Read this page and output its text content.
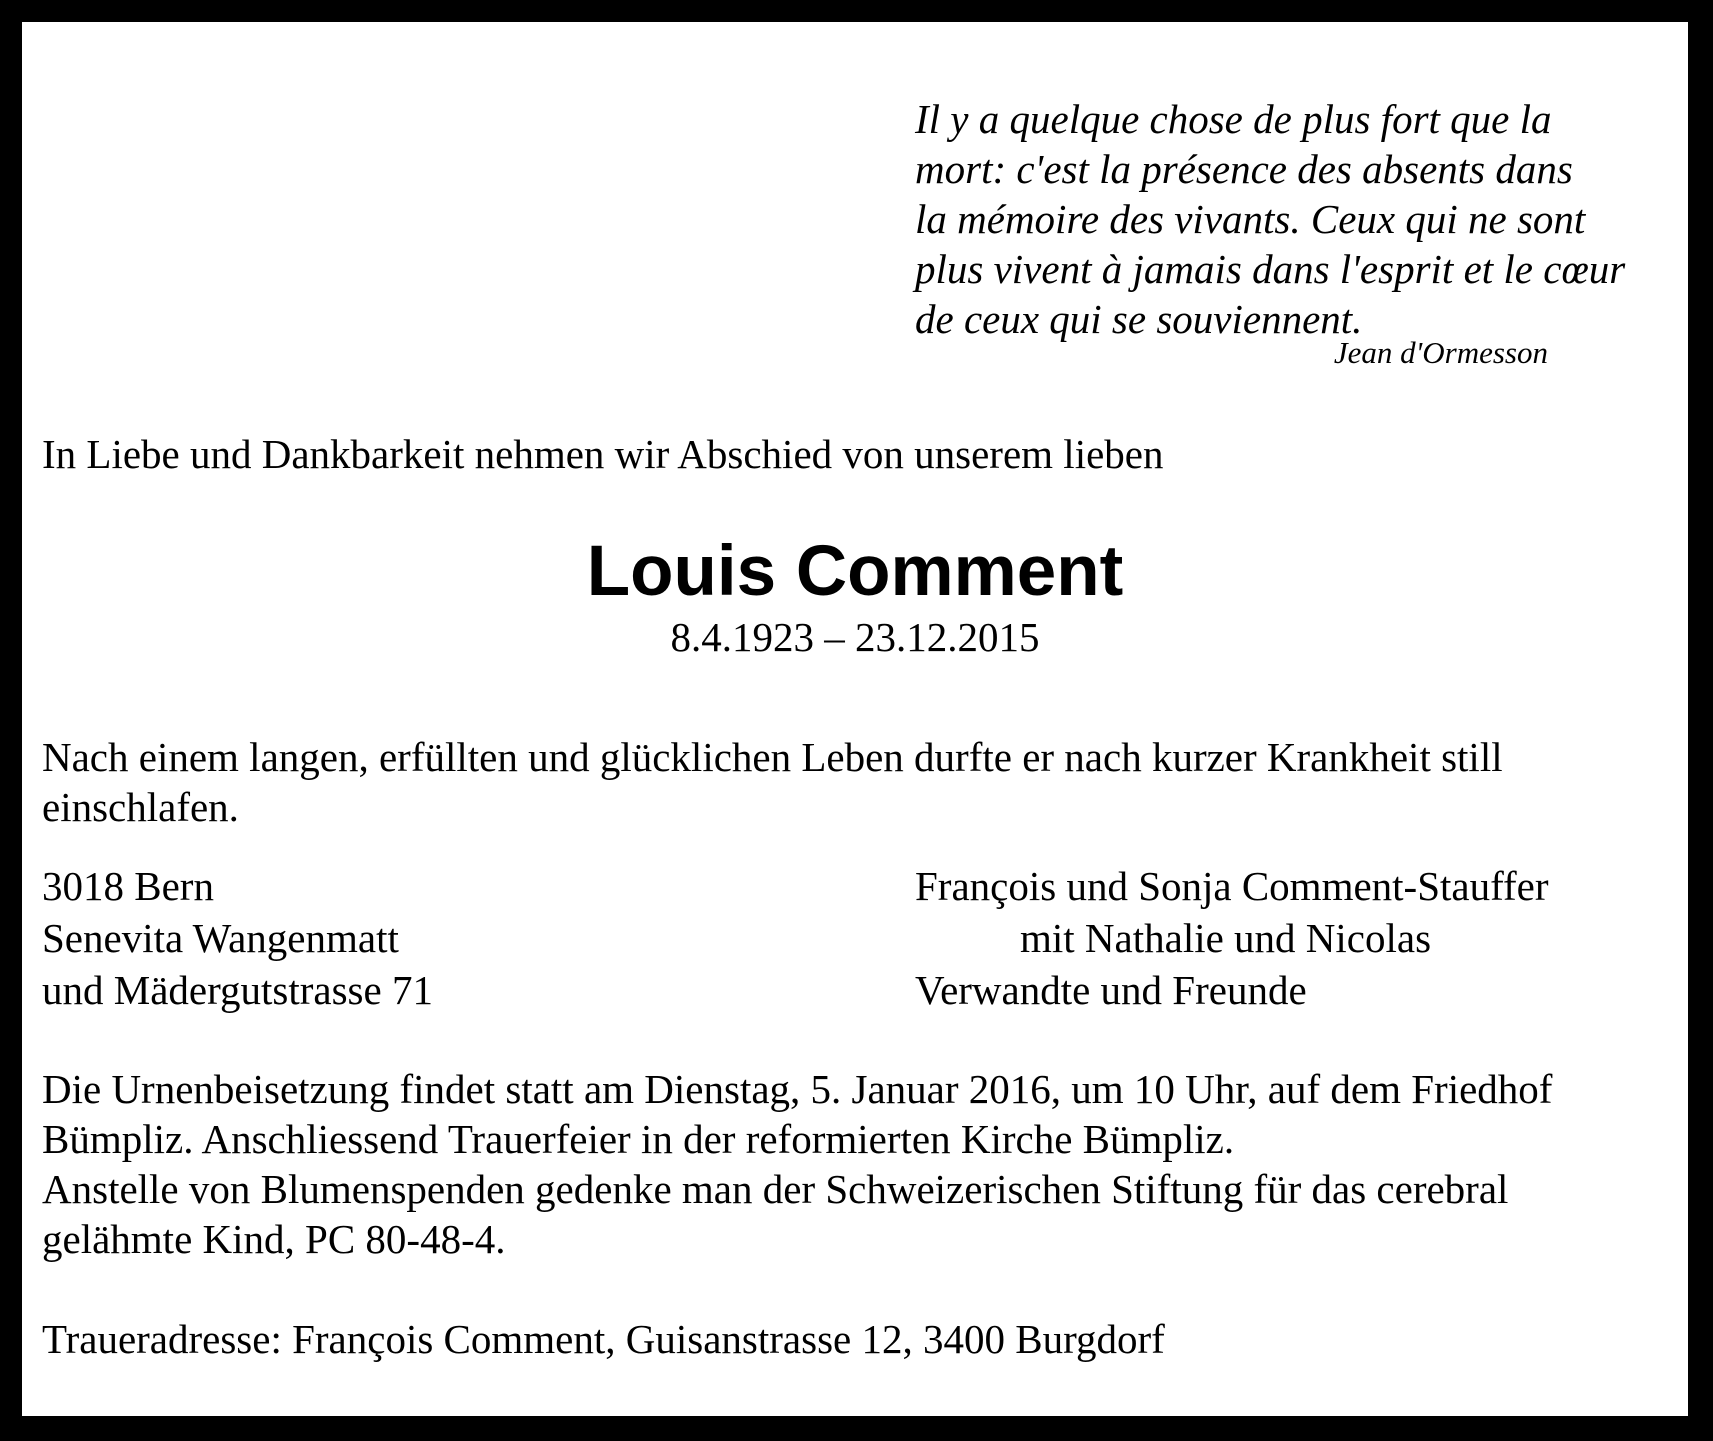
Il y a quelque chose de plus fort que la
mort: c'est la présence des absents dans
la mémoire des vivants. Ceux qui ne sont
plus vivent à jamais dans l'esprit et le cœur
de ceux qui se souviennent.
Jean d'Ormesson
In Liebe und Dankbarkeit nehmen wir Abschied von unserem lieben
Louis Comment
8.4.1923 – 23.12.2015
Nach einem langen, erfüllten und glücklichen Leben durfte er nach kurzer Krankheit still
einschlafen.
3018 Bern
Senevita Wangenmatt
und Mädergutstrasse 71
François und Sonja Comment-Stauffer
mit Nathalie und Nicolas
Verwandte und Freunde
Die Urnenbeisetzung findet statt am Dienstag, 5. Januar 2016, um 10 Uhr, auf dem Friedhof
Bümpliz. Anschliessend Trauerfeier in der reformierten Kirche Bümpliz.
Anstelle von Blumenspenden gedenke man der Schweizerischen Stiftung für das cerebral
gelähmte Kind, PC 80-48-4.
Traueradresse: François Comment, Guisanstrasse 12, 3400 Burgdorf
